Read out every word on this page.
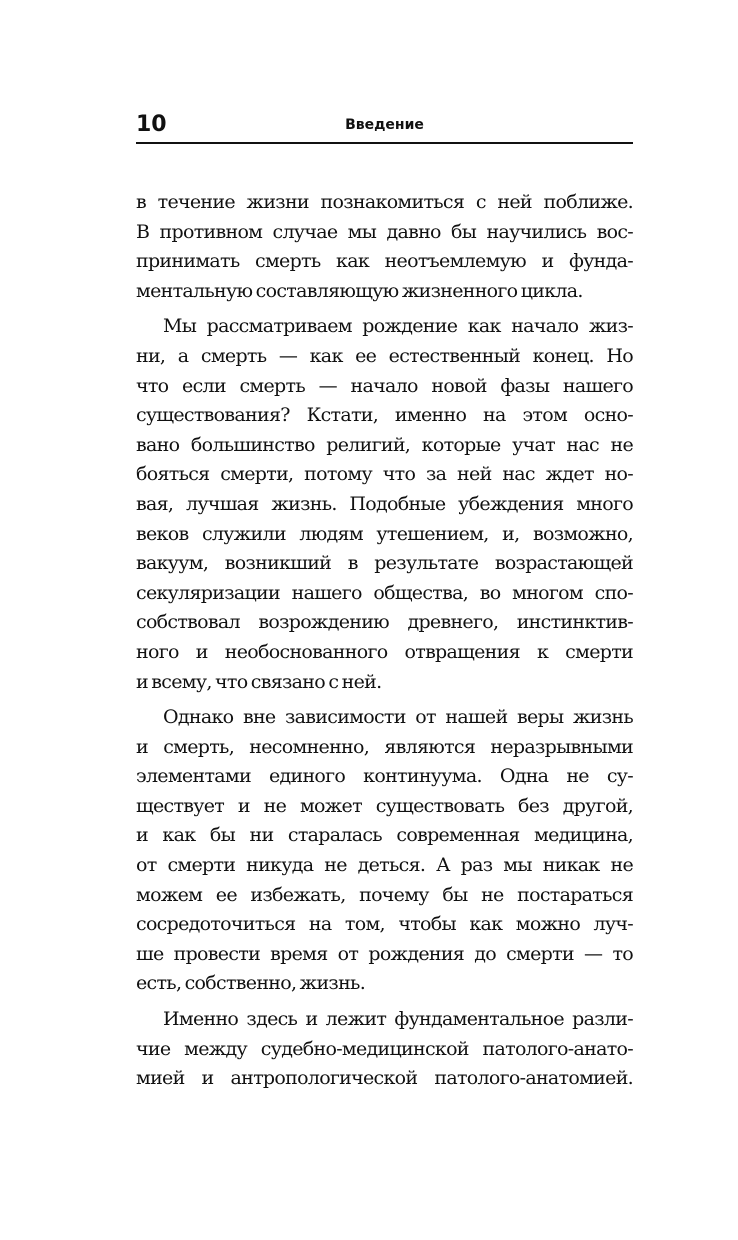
10	Введение
в течение жизни познакомиться с ней поближе.
В противном случае мы давно бы научились вос-
принимать смерть как неотъемлемую и фунда-
ментальную составляющую жизненного цикла.
Мы рассматриваем рождение как начало жиз-
ни, а смерть — как ее естественный конец. Но
что если смерть — начало новой фазы нашего
существования? Кстати, именно на этом осно-
вано большинство религий, которые учат нас не
бояться смерти, потому что за ней нас ждет но-
вая, лучшая жизнь. Подобные убеждения много
веков служили людям утешением, и, возможно,
вакуум, возникший в результате возрастающей
секуляризации нашего общества, во многом спо-
собствовал возрождению древнего, инстинктив-
ного и необоснованного отвращения к смерти
и всему, что связано с ней.
Однако вне зависимости от нашей веры жизнь
и смерть, несомненно, являются неразрывными
элементами единого континуума. Одна не су-
ществует и не может существовать без другой,
и как бы ни старалась современная медицина,
от смерти никуда не деться. А раз мы никак не
можем ее избежать, почему бы не постараться
сосредоточиться на том, чтобы как можно луч-
ше провести время от рождения до смерти — то
есть, собственно, жизнь.
Именно здесь и лежит фундаментальное разли-
чие между судебно-медицинской патолого-анато-
мией и антропологической патолого-анатомией.
